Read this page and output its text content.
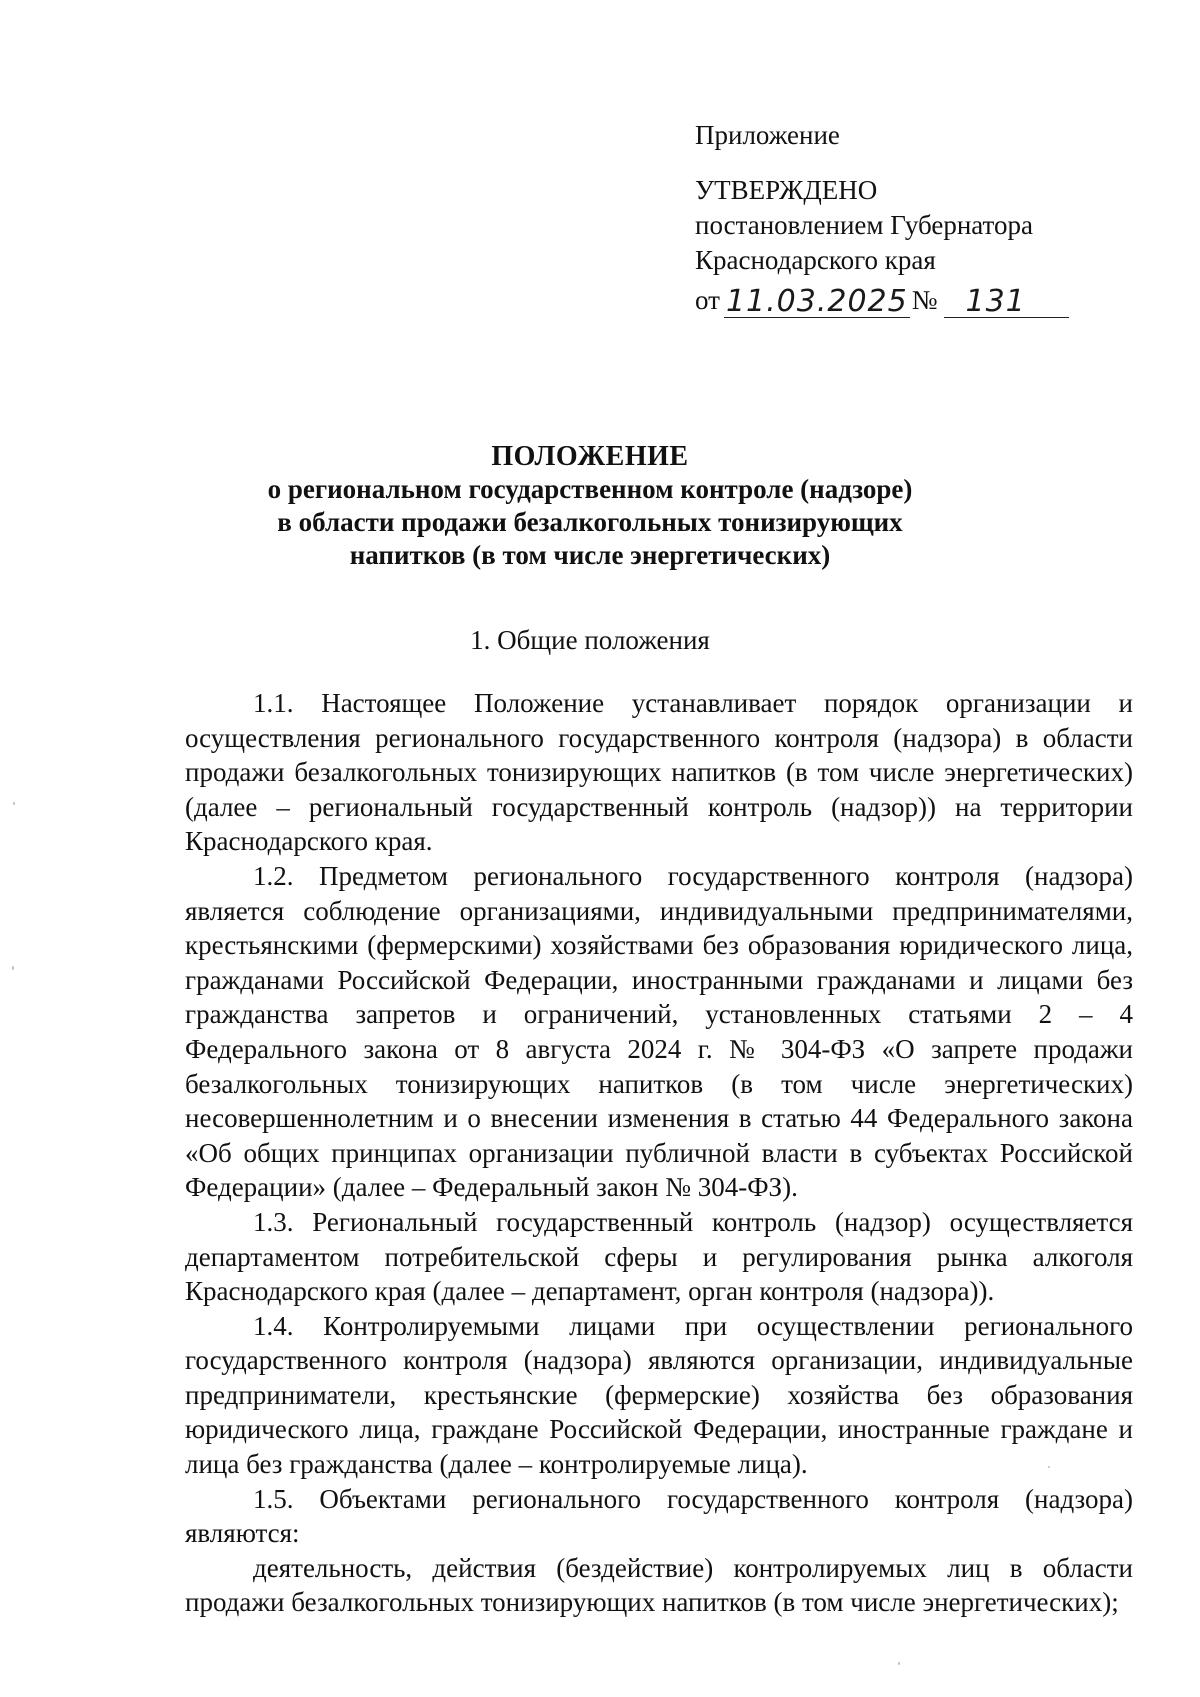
Приложение
УТВЕРЖДЕНО
постановлением Губернатора
Краснодарского края
от 11.03.2025 № 131
ПОЛОЖЕНИЕ
о региональном государственном контроле (надзоре)
в области продажи безалкогольных тонизирующих
напитков (в том числе энергетических)
1. Общие положения

1.1. Настоящее Положение устанавливает порядок организации и осуществления регионального государственного контроля (надзора) в области продажи безалкогольных тонизирующих напитков (в том числе энергетических) (далее – региональный государственный контроль (надзор)) на территории Краснодарского края.

1.2. Предметом регионального государственного контроля (надзора) является соблюдение организациями, индивидуальными предпринимателями, крестьянскими (фермерскими) хозяйствами без образования юридического лица, гражданами Российской Федерации, иностранными гражданами и лицами без гражданства запретов и ограничений, установленных статьями 2 – 4 Федерального закона от 8 августа 2024 г. № 304-ФЗ «О запрете продажи безалкогольных тонизирующих напитков (в том числе энергетических) несовершеннолетним и о внесении изменения в статью 44 Федерального закона «Об общих принципах организации публичной власти в субъектах Российской Федерации» (далее – Федеральный закон № 304-ФЗ).

1.3. Региональный государственный контроль (надзор) осуществляется департаментом потребительской сферы и регулирования рынка алкоголя Краснодарского края (далее – департамент, орган контроля (надзора)).

1.4. Контролируемыми лицами при осуществлении регионального государственного контроля (надзора) являются организации, индивидуальные предприниматели, крестьянские (фермерские) хозяйства без образования юридического лица, граждане Российской Федерации, иностранные граждане и лица без гражданства (далее – контролируемые лица).

1.5. Объектами регионального государственного контроля (надзора) являются:

деятельность, действия (бездействие) контролируемых лиц в области продажи безалкогольных тонизирующих напитков (в том числе энергетических);
